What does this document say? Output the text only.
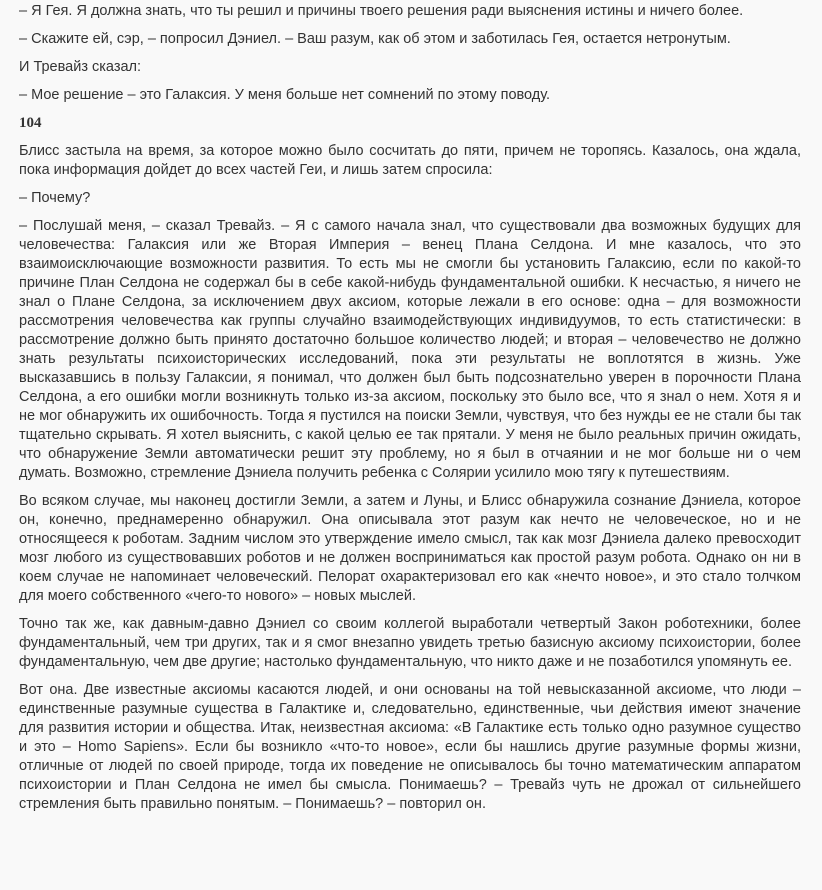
– Я Гея. Я должна знать, что ты решил и причины твоего решения ради выяснения истины и ничего более.

– Скажите ей, сэр, – попросил Дэниел. – Ваш разум, как об этом и заботилась Гея, остается нетронутым.

И Тревайз сказал:

– Мое решение – это Галаксия. У меня больше нет сомнений по этому поводу.

104

Блисс застыла на время, за которое можно было сосчитать до пяти, причем не торопясь. Казалось, она ждала, пока информация дойдет до всех частей Геи, и лишь затем спросила:

– Почему?

– Послушай меня, – сказал Тревайз. – Я с самого начала знал, что существовали два возможных будущих для человечества: Галаксия или же Вторая Империя – венец Плана Селдона. И мне казалось, что это взаимоисключающие возможности развития. То есть мы не смогли бы установить Галаксию, если по какой-то причине План Селдона не содержал бы в себе какой-нибудь фундаментальной ошибки. К несчастью, я ничего не знал о Плане Селдона, за исключением двух аксиом, которые лежали в его основе: одна – для возможности рассмотрения человечества как группы случайно взаимодействующих индивидуумов, то есть статистически: в рассмотрение должно быть принято достаточно большое количество людей; и вторая – человечество не должно знать результаты психоисторических исследований, пока эти результаты не воплотятся в жизнь. Уже высказавшись в пользу Галаксии, я понимал, что должен был быть подсознательно уверен в порочности Плана Селдона, а его ошибки могли возникнуть только из-за аксиом, поскольку это было все, что я знал о нем. Хотя я и не мог обнаружить их ошибочность. Тогда я пустился на поиски Земли, чувствуя, что без нужды ее не стали бы так тщательно скрывать. Я хотел выяснить, с какой целью ее так прятали. У меня не было реальных причин ожидать, что обнаружение Земли автоматически решит эту проблему, но я был в отчаянии и не мог больше ни о чем думать. Возможно, стремление Дэниела получить ребенка с Солярии усилило мою тягу к путешествиям.

Во всяком случае, мы наконец достигли Земли, а затем и Луны, и Блисс обнаружила сознание Дэниела, которое он, конечно, преднамеренно обнаружил. Она описывала этот разум как нечто не человеческое, но и не относящееся к роботам. Задним числом это утверждение имело смысл, так как мозг Дэниела далеко превосходит мозг любого из существовавших роботов и не должен восприниматься как простой разум робота. Однако он ни в коем случае не напоминает человеческий. Пелорат охарактеризовал его как «нечто новое», и это стало толчком для моего собственного «чего-то нового» – новых мыслей.

Точно так же, как давным-давно Дэниел со своим коллегой выработали четвертый Закон роботехники, более фундаментальный, чем три других, так и я смог внезапно увидеть третью базисную аксиому психоистории, более фундаментальную, чем две другие; настолько фундаментальную, что никто даже и не позаботился упомянуть ее.

Вот она. Две известные аксиомы касаются людей, и они основаны на той невысказанной аксиоме, что люди – единственные разумные существа в Галактике и, следовательно, единственные, чьи действия имеют значение для развития истории и общества. Итак, неизвестная аксиома: «В Галактике есть только одно разумное существо и это – Homo Sapiens». Если бы возникло «что-то новое», если бы нашлись другие разумные формы жизни, отличные от людей по своей природе, тогда их поведение не описывалось бы точно математическим аппаратом психоистории и План Селдона не имел бы смысла. Понимаешь? – Тревайз чуть не дрожал от сильнейшего стремления быть правильно понятым. – Понимаешь? – повторил он.
